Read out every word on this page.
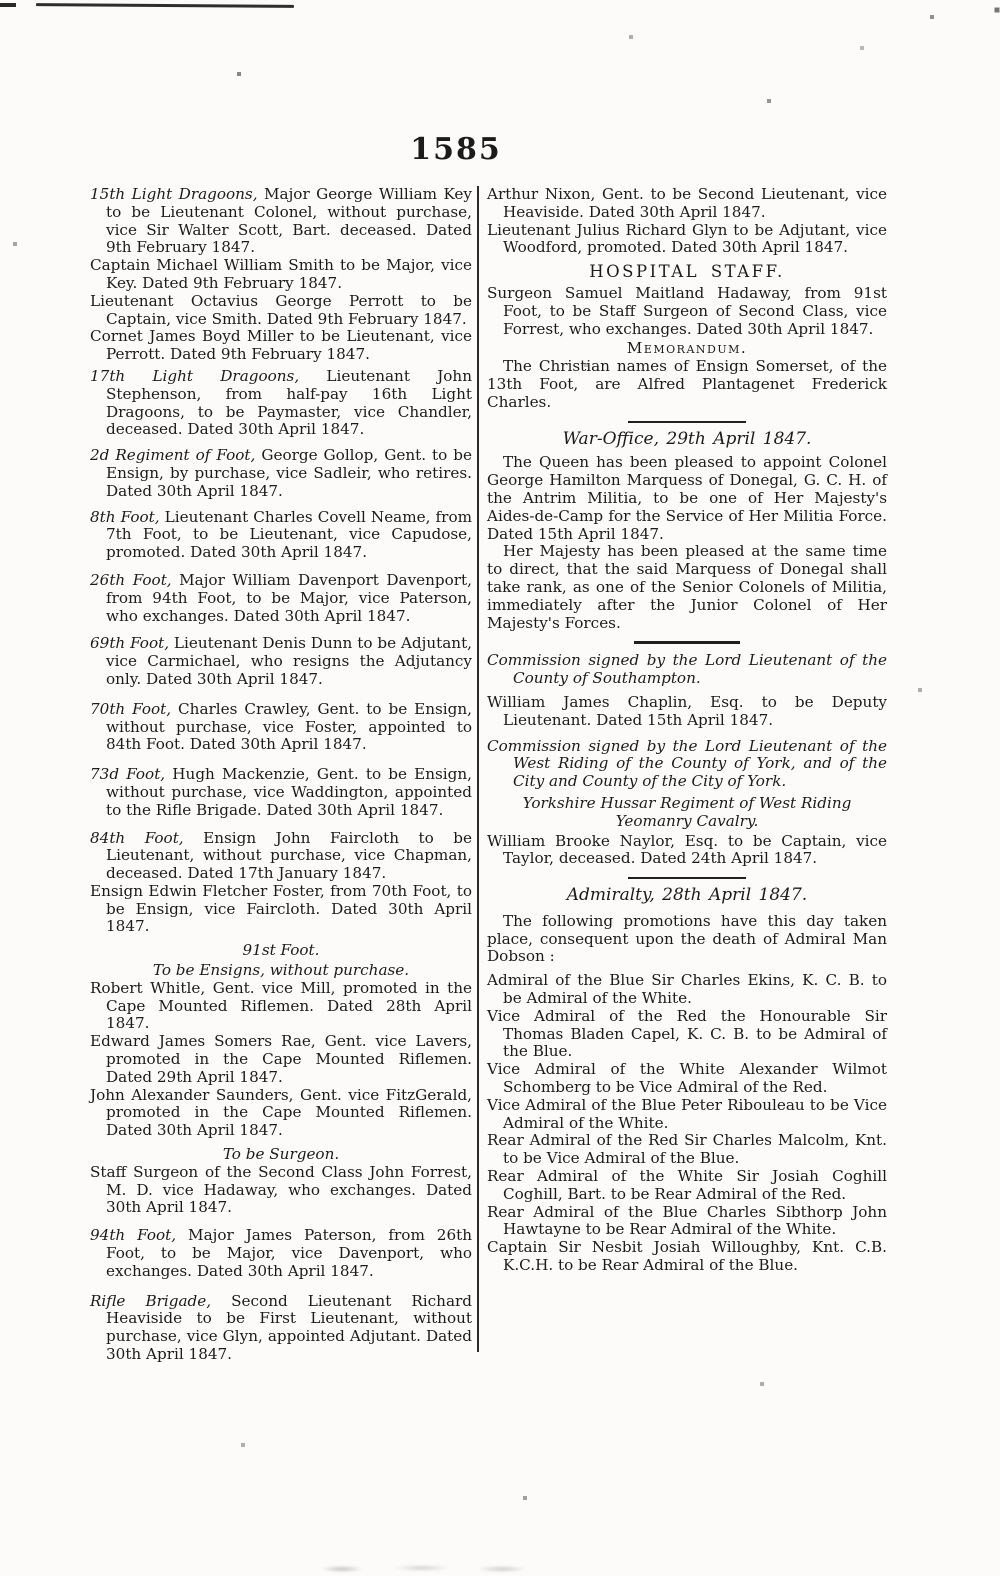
1585

15th Light Dragoons, Major George William Key to be Lieutenant Colonel, without purchase, vice Sir Walter Scott, Bart. deceased. Dated 9th February 1847.

Captain Michael William Smith to be Major, vice Key. Dated 9th February 1847.

Lieutenant Octavius George Perrott to be Captain, vice Smith. Dated 9th February 1847.

Cornet James Boyd Miller to be Lieutenant, vice Perrott. Dated 9th February 1847.

17th Light Dragoons, Lieutenant John Stephenson, from half-pay 16th Light Dragoons, to be Paymaster, vice Chandler, deceased. Dated 30th April 1847.

2d Regiment of Foot, George Gollop, Gent. to be Ensign, by purchase, vice Sadleir, who retires. Dated 30th April 1847.

8th Foot, Lieutenant Charles Covell Neame, from 7th Foot, to be Lieutenant, vice Capudose, promoted. Dated 30th April 1847.

26th Foot, Major William Davenport Davenport, from 94th Foot, to be Major, vice Paterson, who exchanges. Dated 30th April 1847.

69th Foot, Lieutenant Denis Dunn to be Adjutant, vice Carmichael, who resigns the Adjutancy only. Dated 30th April 1847.

70th Foot, Charles Crawley, Gent. to be Ensign, without purchase, vice Foster, appointed to 84th Foot. Dated 30th April 1847.

73d Foot, Hugh Mackenzie, Gent. to be Ensign, without purchase, vice Waddington, appointed to the Rifle Brigade. Dated 30th April 1847.

84th Foot, Ensign John Faircloth to be Lieutenant, without purchase, vice Chapman, deceased. Dated 17th January 1847.

Ensign Edwin Fletcher Foster, from 70th Foot, to be Ensign, vice Faircloth. Dated 30th April 1847.

91st Foot.

To be Ensigns, without purchase.

Robert Whitle, Gent. vice Mill, promoted in the Cape Mounted Riflemen. Dated 28th April 1847.

Edward James Somers Rae, Gent. vice Lavers, promoted in the Cape Mounted Riflemen. Dated 29th April 1847.

John Alexander Saunders, Gent. vice FitzGerald, promoted in the Cape Mounted Riflemen. Dated 30th April 1847.

To be Surgeon.

Staff Surgeon of the Second Class John Forrest, M. D. vice Hadaway, who exchanges. Dated 30th April 1847.

94th Foot, Major James Paterson, from 26th Foot, to be Major, vice Davenport, who exchanges. Dated 30th April 1847.

Rifle Brigade, Second Lieutenant Richard Heaviside to be First Lieutenant, without purchase, vice Glyn, appointed Adjutant. Dated 30th April 1847.

Arthur Nixon, Gent. to be Second Lieutenant, vice Heaviside. Dated 30th April 1847.

Lieutenant Julius Richard Glyn to be Adjutant, vice Woodford, promoted. Dated 30th April 1847.

HOSPITAL STAFF.

Surgeon Samuel Maitland Hadaway, from 91st Foot, to be Staff Surgeon of Second Class, vice Forrest, who exchanges. Dated 30th April 1847.

Memorandum.

The Christian names of Ensign Somerset, of the 13th Foot, are Alfred Plantagenet Frederick Charles.

War-Office, 29th April 1847.

The Queen has been pleased to appoint Colonel George Hamilton Marquess of Donegal, G. C. H. of the Antrim Militia, to be one of Her Majesty's Aides-de-Camp for the Service of Her Militia Force. Dated 15th April 1847.

Her Majesty has been pleased at the same time to direct, that the said Marquess of Donegal shall take rank, as one of the Senior Colonels of Militia, immediately after the Junior Colonel of Her Majesty's Forces.

Commission signed by the Lord Lieutenant of the County of Southampton.

William James Chaplin, Esq. to be Deputy Lieutenant. Dated 15th April 1847.

Commission signed by the Lord Lieutenant of the West Riding of the County of York, and of the City and County of the City of York.

Yorkshire Hussar Regiment of West Riding Yeomanry Cavalry.

William Brooke Naylor, Esq. to be Captain, vice Taylor, deceased. Dated 24th April 1847.

Admiralty, 28th April 1847.

The following promotions have this day taken place, consequent upon the death of Admiral Man Dobson :

Admiral of the Blue Sir Charles Ekins, K. C. B. to be Admiral of the White.

Vice Admiral of the Red the Honourable Sir Thomas Bladen Capel, K. C. B. to be Admiral of the Blue.

Vice Admiral of the White Alexander Wilmot Schomberg to be Vice Admiral of the Red.

Vice Admiral of the Blue Peter Ribouleau to be Vice Admiral of the White.

Rear Admiral of the Red Sir Charles Malcolm, Knt. to be Vice Admiral of the Blue.

Rear Admiral of the White Sir Josiah Coghill Coghill, Bart. to be Rear Admiral of the Red.

Rear Admiral of the Blue Charles Sibthorp John Hawtayne to be Rear Admiral of the White.

Captain Sir Nesbit Josiah Willoughby, Knt. C.B. K.C.H. to be Rear Admiral of the Blue.
